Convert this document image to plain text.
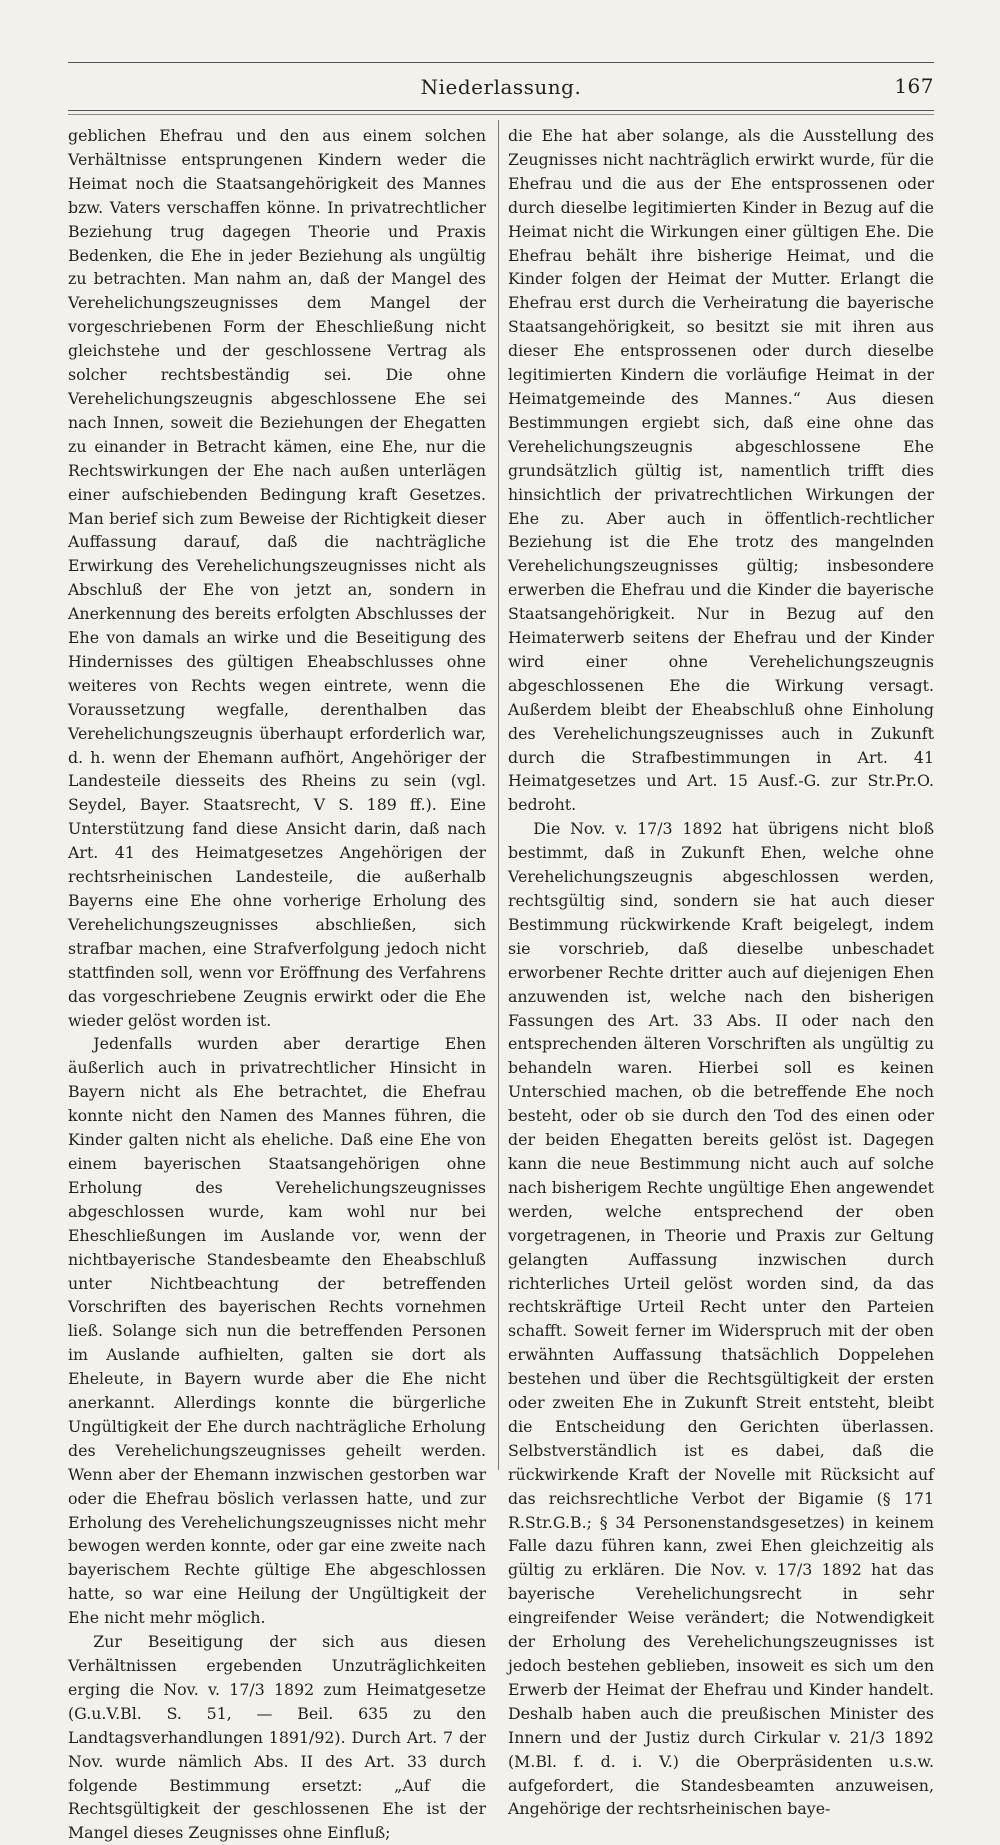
Niederlassung.	167

geblichen Ehefrau und den aus einem solchen Verhältnisse entsprungenen Kindern weder die Heimat noch die Staatsangehörigkeit des Mannes bzw. Vaters verschaffen könne. In privatrechtlicher Beziehung trug dagegen Theorie und Praxis Bedenken, die Ehe in jeder Beziehung als ungültig zu betrachten. Man nahm an, daß der Mangel des Verehelichungszeugnisses dem Mangel der vorgeschriebenen Form der Eheschließung nicht gleichstehe und der geschlossene Vertrag als solcher rechtsbeständig sei. Die ohne Verehelichungszeugnis abgeschlossene Ehe sei nach Innen, soweit die Beziehungen der Ehegatten zu einander in Betracht kämen, eine Ehe, nur die Rechtswirkungen der Ehe nach außen unterlägen einer aufschiebenden Bedingung kraft Gesetzes. Man berief sich zum Beweise der Richtigkeit dieser Auffassung darauf, daß die nachträgliche Erwirkung des Verehelichungszeugnisses nicht als Abschluß der Ehe von jetzt an, sondern in Anerkennung des bereits erfolgten Abschlusses der Ehe von damals an wirke und die Beseitigung des Hindernisses des gültigen Eheabschlusses ohne weiteres von Rechts wegen eintrete, wenn die Voraussetzung wegfalle, derenthalben das Verehelichungszeugnis überhaupt erforderlich war, d. h. wenn der Ehemann aufhört, Angehöriger der Landesteile diesseits des Rheins zu sein (vgl. Seydel, Bayer. Staatsrecht, V S. 189 ff.). Eine Unterstützung fand diese Ansicht darin, daß nach Art. 41 des Heimatgesetzes Angehörigen der rechtsrheinischen Landesteile, die außerhalb Bayerns eine Ehe ohne vorherige Erholung des Verehelichungszeugnisses abschließen, sich strafbar machen, eine Strafverfolgung jedoch nicht stattfinden soll, wenn vor Eröffnung des Verfahrens das vorgeschriebene Zeugnis erwirkt oder die Ehe wieder gelöst worden ist.

Jedenfalls wurden aber derartige Ehen äußerlich auch in privatrechtlicher Hinsicht in Bayern nicht als Ehe betrachtet, die Ehefrau konnte nicht den Namen des Mannes führen, die Kinder galten nicht als eheliche. Daß eine Ehe von einem bayerischen Staatsangehörigen ohne Erholung des Verehelichungszeugnisses abgeschlossen wurde, kam wohl nur bei Eheschließungen im Auslande vor, wenn der nichtbayerische Standesbeamte den Eheabschluß unter Nichtbeachtung der betreffenden Vorschriften des bayerischen Rechts vornehmen ließ. Solange sich nun die betreffenden Personen im Auslande aufhielten, galten sie dort als Eheleute, in Bayern wurde aber die Ehe nicht anerkannt. Allerdings konnte die bürgerliche Ungültigkeit der Ehe durch nachträgliche Erholung des Verehelichungszeugnisses geheilt werden. Wenn aber der Ehemann inzwischen gestorben war oder die Ehefrau böslich verlassen hatte, und zur Erholung des Verehelichungszeugnisses nicht mehr bewogen werden konnte, oder gar eine zweite nach bayerischem Rechte gültige Ehe abgeschlossen hatte, so war eine Heilung der Ungültigkeit der Ehe nicht mehr möglich.

Zur Beseitigung der sich aus diesen Verhältnissen ergebenden Unzuträglichkeiten erging die Nov. v. 17/3 1892 zum Heimatgesetze (G.u.V.Bl. S. 51, — Beil. 635 zu den Landtagsverhandlungen 1891/92). Durch Art. 7 der Nov. wurde nämlich Abs. II des Art. 33 durch folgende Bestimmung ersetzt: „Auf die Rechtsgültigkeit der geschlossenen Ehe ist der Mangel dieses Zeugnisses ohne Einfluß;

die Ehe hat aber solange, als die Ausstellung des Zeugnisses nicht nachträglich erwirkt wurde, für die Ehefrau und die aus der Ehe entsprossenen oder durch dieselbe legitimierten Kinder in Bezug auf die Heimat nicht die Wirkungen einer gültigen Ehe. Die Ehefrau behält ihre bisherige Heimat, und die Kinder folgen der Heimat der Mutter. Erlangt die Ehefrau erst durch die Verheiratung die bayerische Staatsangehörigkeit, so besitzt sie mit ihren aus dieser Ehe entsprossenen oder durch dieselbe legitimierten Kindern die vorläufige Heimat in der Heimatgemeinde des Mannes.“ Aus diesen Bestimmungen ergiebt sich, daß eine ohne das Verehelichungszeugnis abgeschlossene Ehe grundsätzlich gültig ist, namentlich trifft dies hinsichtlich der privatrechtlichen Wirkungen der Ehe zu. Aber auch in öffentlich-rechtlicher Beziehung ist die Ehe trotz des mangelnden Verehelichungszeugnisses gültig; insbesondere erwerben die Ehefrau und die Kinder die bayerische Staatsangehörigkeit. Nur in Bezug auf den Heimaterwerb seitens der Ehefrau und der Kinder wird einer ohne Verehelichungszeugnis abgeschlossenen Ehe die Wirkung versagt. Außerdem bleibt der Eheabschluß ohne Einholung des Verehelichungszeugnisses auch in Zukunft durch die Strafbestimmungen in Art. 41 Heimatgesetzes und Art. 15 Ausf.-G. zur Str.Pr.O. bedroht.

Die Nov. v. 17/3 1892 hat übrigens nicht bloß bestimmt, daß in Zukunft Ehen, welche ohne Verehelichungszeugnis abgeschlossen werden, rechtsgültig sind, sondern sie hat auch dieser Bestimmung rückwirkende Kraft beigelegt, indem sie vorschrieb, daß dieselbe unbeschadet erworbener Rechte dritter auch auf diejenigen Ehen anzuwenden ist, welche nach den bisherigen Fassungen des Art. 33 Abs. II oder nach den entsprechenden älteren Vorschriften als ungültig zu behandeln waren. Hierbei soll es keinen Unterschied machen, ob die betreffende Ehe noch besteht, oder ob sie durch den Tod des einen oder der beiden Ehegatten bereits gelöst ist. Dagegen kann die neue Bestimmung nicht auch auf solche nach bisherigem Rechte ungültige Ehen angewendet werden, welche entsprechend der oben vorgetragenen, in Theorie und Praxis zur Geltung gelangten Auffassung inzwischen durch richterliches Urteil gelöst worden sind, da das rechtskräftige Urteil Recht unter den Parteien schafft. Soweit ferner im Widerspruch mit der oben erwähnten Auffassung thatsächlich Doppelehen bestehen und über die Rechtsgültigkeit der ersten oder zweiten Ehe in Zukunft Streit entsteht, bleibt die Entscheidung den Gerichten überlassen. Selbstverständlich ist es dabei, daß die rückwirkende Kraft der Novelle mit Rücksicht auf das reichsrechtliche Verbot der Bigamie (§ 171 R.Str.G.B.; § 34 Personenstandsgesetzes) in keinem Falle dazu führen kann, zwei Ehen gleichzeitig als gültig zu erklären. Die Nov. v. 17/3 1892 hat das bayerische Verehelichungsrecht in sehr eingreifender Weise verändert; die Notwendigkeit der Erholung des Verehelichungszeugnisses ist jedoch bestehen geblieben, insoweit es sich um den Erwerb der Heimat der Ehefrau und Kinder handelt. Deshalb haben auch die preußischen Minister des Innern und der Justiz durch Cirkular v. 21/3 1892 (M.Bl. f. d. i. V.) die Oberpräsidenten u.s.w. aufgefordert, die Standesbeamten anzuweisen, Angehörige der rechtsrheinischen baye-
